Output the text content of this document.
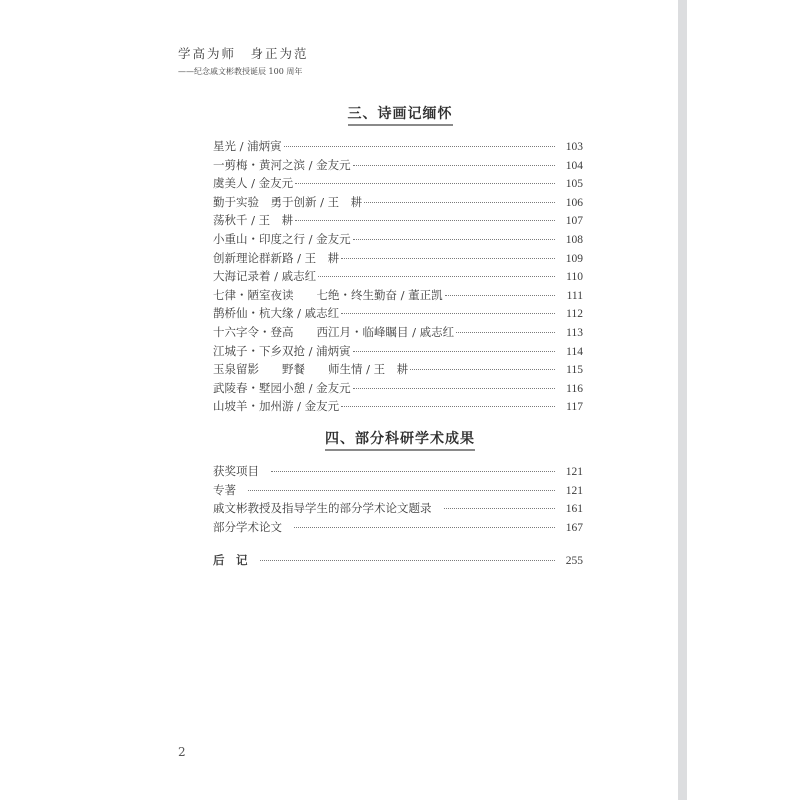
学高为师　身正为范
——纪念戚文彬教授诞辰 100 周年
三、诗画记缅怀
星光 / 浦炳寅	103
一剪梅・黄河之滨 / 金友元	104
虞美人 / 金友元	105
勤于实验　勇于创新 / 王　耕	106
荡秋千 / 王　耕	107
小重山・印度之行 / 金友元	108
创新理论群新路 / 王　耕	109
大海记录着 / 戚志红	110
七律・陋室夜读　　七绝・终生勤奋 / 董正凯	111
鹊桥仙・杭大缘 / 戚志红	112
十六字令・登高　　西江月・临峰瞩目 / 戚志红	113
江城子・下乡双抢 / 浦炳寅	114
玉泉留影　　野餐　　师生情 / 王　耕	115
武陵春・墅园小憩 / 金友元	116
山坡羊・加州游 / 金友元	117
四、部分科研学术成果
获奖项目	121
专著	121
戚文彬教授及指导学生的部分学术论文题录	161
部分学术论文	167
后　记	255
2
